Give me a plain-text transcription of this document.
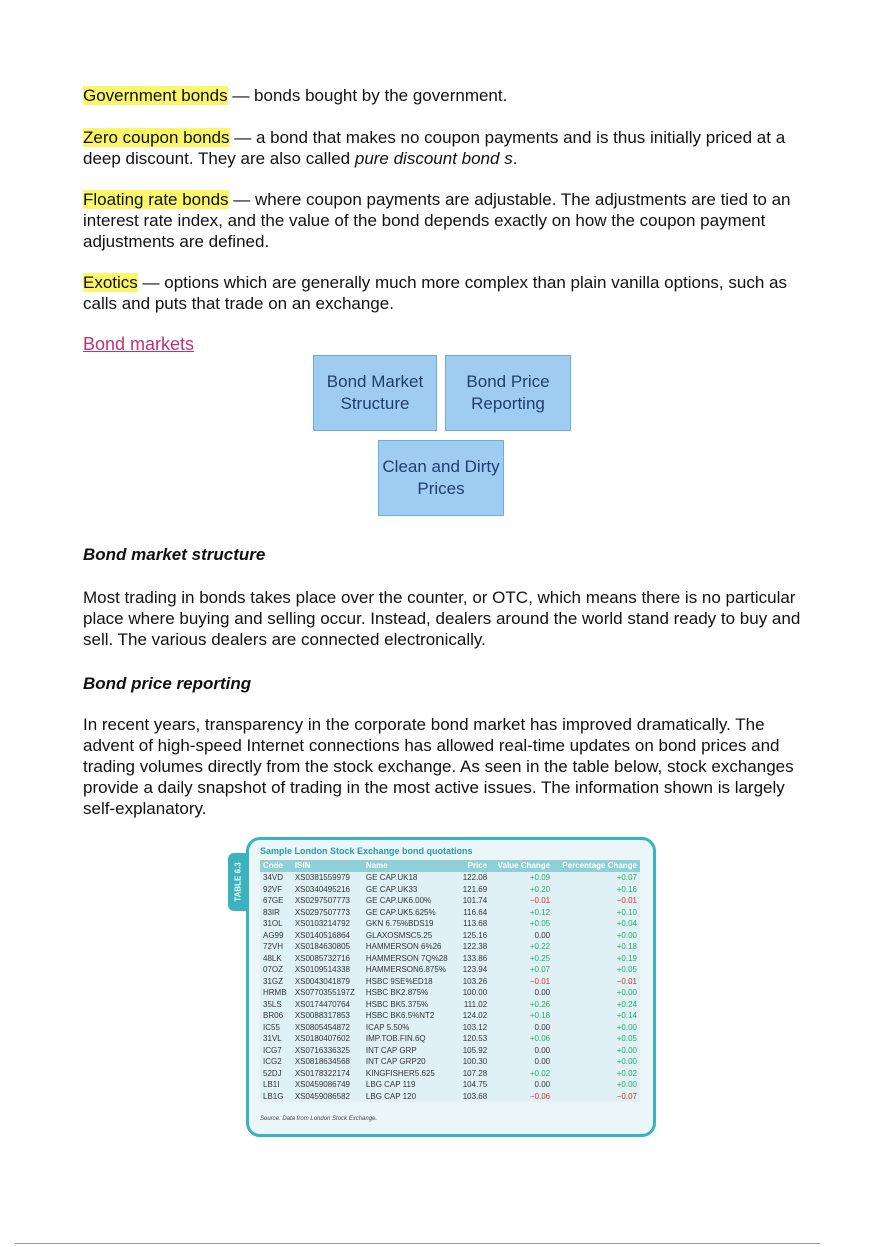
Government bonds — bonds bought by the government.

Zero coupon bonds — a bond that makes no coupon payments and is thus initially priced at a deep discount. They are also called pure discount bond s.

Floating rate bonds — where coupon payments are adjustable. The adjustments are tied to an interest rate index, and the value of the bond depends exactly on how the coupon payment adjustments are defined.

Exotics — options which are generally much more complex than plain vanilla options, such as calls and puts that trade on an exchange.

Bond markets

Bond Market Structure
Bond Price Reporting
Clean and Dirty Prices

Bond market structure

Most trading in bonds takes place over the counter, or OTC, which means there is no particular place where buying and selling occur. Instead, dealers around the world stand ready to buy and sell. The various dealers are connected electronically.

Bond price reporting

In recent years, transparency in the corporate bond market has improved dramatically. The advent of high-speed Internet connections has allowed real-time updates on bond prices and trading volumes directly from the stock exchange. As seen in the table below, stock exchanges provide a daily snapshot of trading in the most active issues. The information shown is largely self-explanatory.

TABLE 6.3
Sample London Stock Exchange bond quotations
Code	ISIN	Name	Price	Value Change	Percentage Change
34VD	XS0381559979	GE CAP.UK18	122.08	+0.09	+0.07
92VF	XS0340495216	GE CAP.UK33	121.69	+0.20	+0.16
67GE	XS0297507773	GE CAP.UK6.00%	101.74	−0.01	−0.01
83IR	XS0297507773	GE CAP.UK5.625%	116.64	+0.12	+0.10
31OL	XS0103214792	GKN 6.75%BDS19	113.68	+0.05	+0.04
AG99	XS0140516864	GLAXOSMSC5.25	125.16	0.00	+0.00
72VH	XS0184630805	HAMMERSON 6%26	122.38	+0.22	+0.18
48LK	XS0085732716	HAMMERSON 7Q%28	133.86	+0.25	+0.19
07OZ	XS0109514338	HAMMERSON6.875%	123.94	+0.07	+0.05
31GZ	XS0043041879	HSBC 9SE%ED18	103.26	−0.01	−0.01
HRMB	XS0770355197Z	HSBC BK2.875%	100.00	0.00	+0.00
35LS	XS0174470764	HSBC BK5.375%	111.02	+0.26	+0.24
BR06	XS0088317853	HSBC BK6.5%NT2	124.02	+0.18	+0.14
IC55	XS0805454872	ICAP 5.50%	103.12	0.00	+0.00
31VL	XS0180407602	IMP.TOB.FIN.6Q	120.53	+0.06	+0.05
ICG7	XS0716336325	INT CAP GRP	105.92	0.00	+0.00
ICG2	XS0818634568	INT CAP GRP20	100.30	0.00	+0.00
52DJ	XS0178322174	KINGFISHER5.625	107.28	+0.02	+0.02
LB1I	XS0459086749	LBG CAP 119	104.75	0.00	+0.00
LB1G	XS0459086582	LBG CAP 120	103.68	−0.06	−0.07
Source: Data from London Stock Exchange.
